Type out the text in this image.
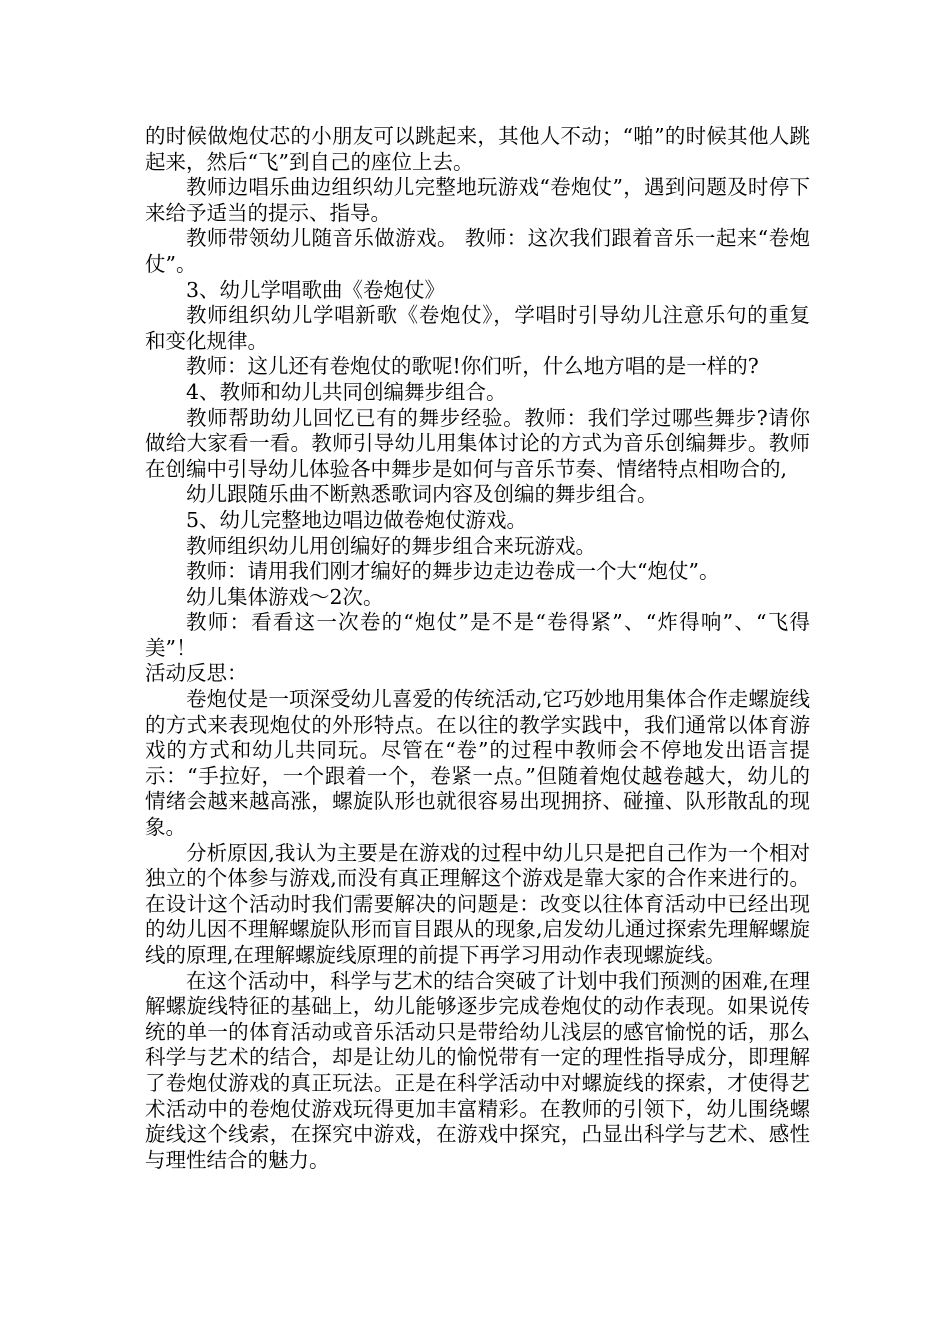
的时候做炮仗芯的小朋友可以跳起来，其他人不动；“啪”的时候其他人跳起来，然后“飞”到自己的座位上去。

教师边唱乐曲边组织幼儿完整地玩游戏“卷炮仗”，遇到问题及时停下来给予适当的提示、指导。

教师带领幼儿随音乐做游戏。 教师：这次我们跟着音乐一起来“卷炮仗”。

3、幼儿学唱歌曲《卷炮仗》

教师组织幼儿学唱新歌《卷炮仗》，学唱时引导幼儿注意乐句的重复和变化规律。

教师：这儿还有卷炮仗的歌呢!你们听，什么地方唱的是一样的?

4、教师和幼儿共同创编舞步组合。

教师帮助幼儿回忆已有的舞步经验。教师：我们学过哪些舞步?请你做给大家看一看。教师引导幼儿用集体讨论的方式为音乐创编舞步。教师在创编中引导幼儿体验各中舞步是如何与音乐节奏、情绪特点相吻合的,

幼儿跟随乐曲不断熟悉歌词内容及创编的舞步组合。

5、幼儿完整地边唱边做卷炮仗游戏。

教师组织幼儿用创编好的舞步组合来玩游戏。

教师：请用我们刚才编好的舞步边走边卷成一个大“炮仗”。

幼儿集体游戏～2次。

教师：看看这一次卷的“炮仗”是不是“卷得紧”、“炸得响”、“飞得美”！

活动反思：

卷炮仗是一项深受幼儿喜爱的传统活动,它巧妙地用集体合作走螺旋线的方式来表现炮仗的外形特点。在以往的教学实践中，我们通常以体育游戏的方式和幼儿共同玩。尽管在“卷”的过程中教师会不停地发出语言提示：“手拉好，一个跟着一个，卷紧一点。”但随着炮仗越卷越大，幼儿的情绪会越来越高涨，螺旋队形也就很容易出现拥挤、碰撞、队形散乱的现象。

分析原因,我认为主要是在游戏的过程中幼儿只是把自己作为一个相对独立的个体参与游戏,而没有真正理解这个游戏是靠大家的合作来进行的。在设计这个活动时我们需要解决的问题是：改变以往体育活动中已经出现的幼儿因不理解螺旋队形而盲目跟从的现象,启发幼儿通过探索先理解螺旋线的原理,在理解螺旋线原理的前提下再学习用动作表现螺旋线。

在这个活动中，科学与艺术的结合突破了计划中我们预测的困难,在理解螺旋线特征的基础上，幼儿能够逐步完成卷炮仗的动作表现。如果说传统的单一的体育活动或音乐活动只是带给幼儿浅层的感官愉悦的话，那么科学与艺术的结合，却是让幼儿的愉悦带有一定的理性指导成分，即理解了卷炮仗游戏的真正玩法。正是在科学活动中对螺旋线的探索，才使得艺术活动中的卷炮仗游戏玩得更加丰富精彩。在教师的引领下，幼儿围绕螺旋线这个线索，在探究中游戏，在游戏中探究，凸显出科学与艺术、感性与理性结合的魅力。
